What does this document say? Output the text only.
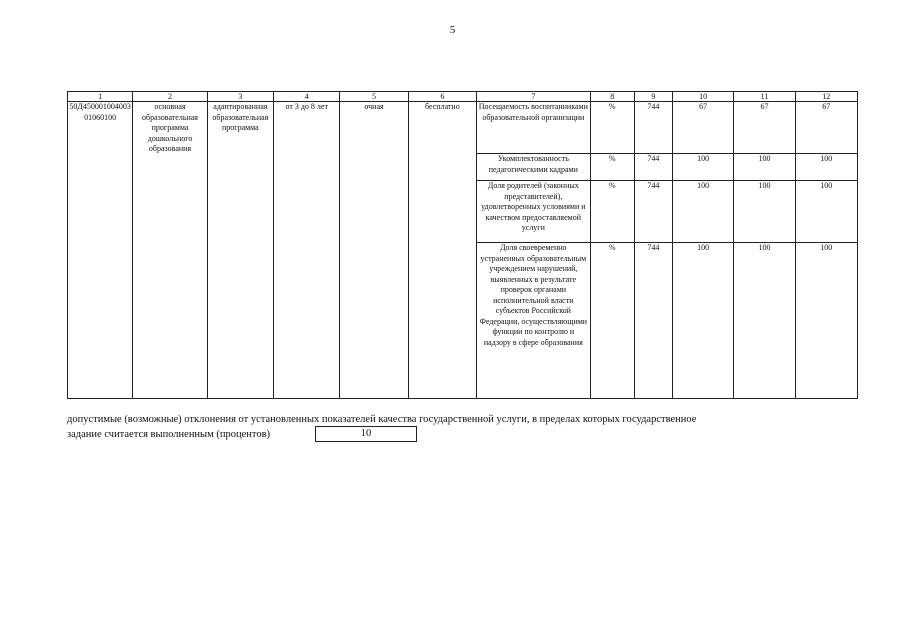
5
1	2	3	4	5	6	7	8	9	10	11	12
50Д45000100400301060100	основная образовательная программа дошкольного образования	адаптированная образовательная программа	от 3 до 8 лет	очная	бесплатно	Посещаемость воспитанниками образовательной организации	%	744	67	67	67
						Укомплектованность педагогическими кадрами	%	744	100	100	100
						Доля родителей (законных представителей), удовлетворенных условиями и качеством предоставляемой услуги	%	744	100	100	100
						Доля своевременно устраненных образовательным учреждением нарушений, выявленных в результате проверок органами исполнительной власти субъектов Российской Федерации, осуществляющими функции по контролю и надзору в сфере образования	%	744	100	100	100
допустимые (возможные) отклонения от установленных показателей качества государственной услуги, в пределах которых государственное
задание считается выполненным (процентов)	10
